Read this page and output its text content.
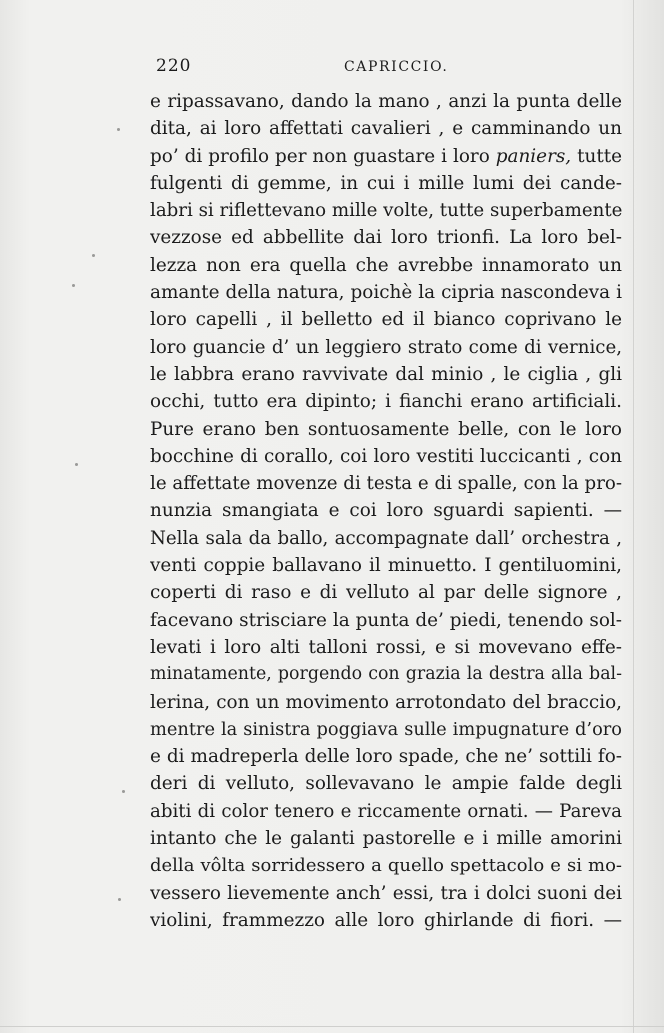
220	CAPRICCIO.
e ripassavano, dando la mano , anzi la punta delle
dita, ai loro affettati cavalieri , e camminando un
po’ di profilo per non guastare i loro paniers, tutte
fulgenti di gemme, in cui i mille lumi dei cande-
labri si riflettevano mille volte, tutte superbamente
vezzose ed abbellite dai loro trionfi. La loro bel-
lezza non era quella che avrebbe innamorato un
amante della natura, poichè la cipria nascondeva i
loro capelli , il belletto ed il bianco coprivano le
loro guancie d’ un leggiero strato come di vernice,
le labbra erano ravvivate dal minio , le ciglia , gli
occhi, tutto era dipinto; i fianchi erano artificiali.
Pure erano ben sontuosamente belle, con le loro
bocchine di corallo, coi loro vestiti luccicanti , con
le affettate movenze di testa e di spalle, con la pro-
nunzia smangiata e coi loro sguardi sapienti. —
Nella sala da ballo, accompagnate dall’ orchestra ,
venti coppie ballavano il minuetto. I gentiluomini,
coperti di raso e di velluto al par delle signore ,
facevano strisciare la punta de’ piedi, tenendo sol-
levati i loro alti talloni rossi, e si movevano effe-
minatamente, porgendo con grazia la destra alla bal-
lerina, con un movimento arrotondato del braccio,
mentre la sinistra poggiava sulle impugnature d’oro
e di madreperla delle loro spade, che ne’ sottili fo-
deri di velluto, sollevavano le ampie falde degli
abiti di color tenero e riccamente ornati. — Pareva
intanto che le galanti pastorelle e i mille amorini
della vôlta sorridessero a quello spettacolo e si mo-
vessero lievemente anch’ essi, tra i dolci suoni dei
violini, frammezzo alle loro ghirlande di fiori. —
